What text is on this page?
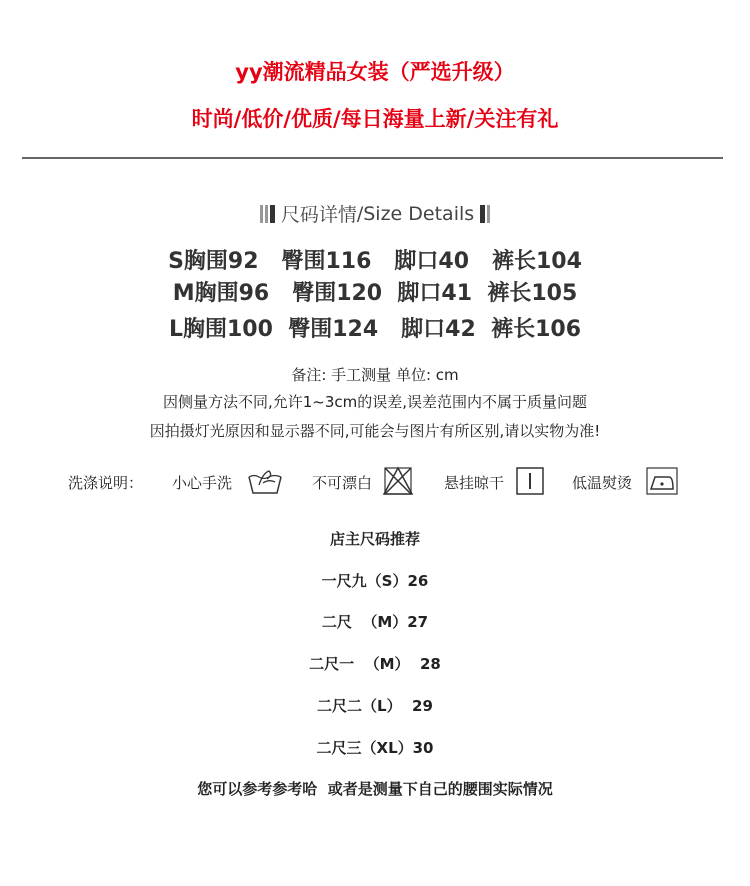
yy潮流精品女装（严选升级）
时尚/低价/优质/每日海量上新/关注有礼
尺码详情 /Size Details
S胸围92   臀围116   脚口40   裤长104
M胸围96   臀围120  脚口41  裤长105
L胸围100  臀围124   脚口42  裤长106
备注: 手工测量 单位: cm
因侧量方法不同,允许1~3cm的误差,误差范围内不属于质量问题
因拍摄灯光原因和显示器不同,可能会与图片有所区别,请以实物为准!
洗涤说明： 小心手洗	不可漂白	悬挂晾干	低温熨烫
店主尺码推荐
一尺九（S）26
二尺  （M）27
二尺一  （M）  28
二尺二（L）  29
二尺三（XL）30
您可以参考参考哈  或者是测量下自己的腰围实际情况
